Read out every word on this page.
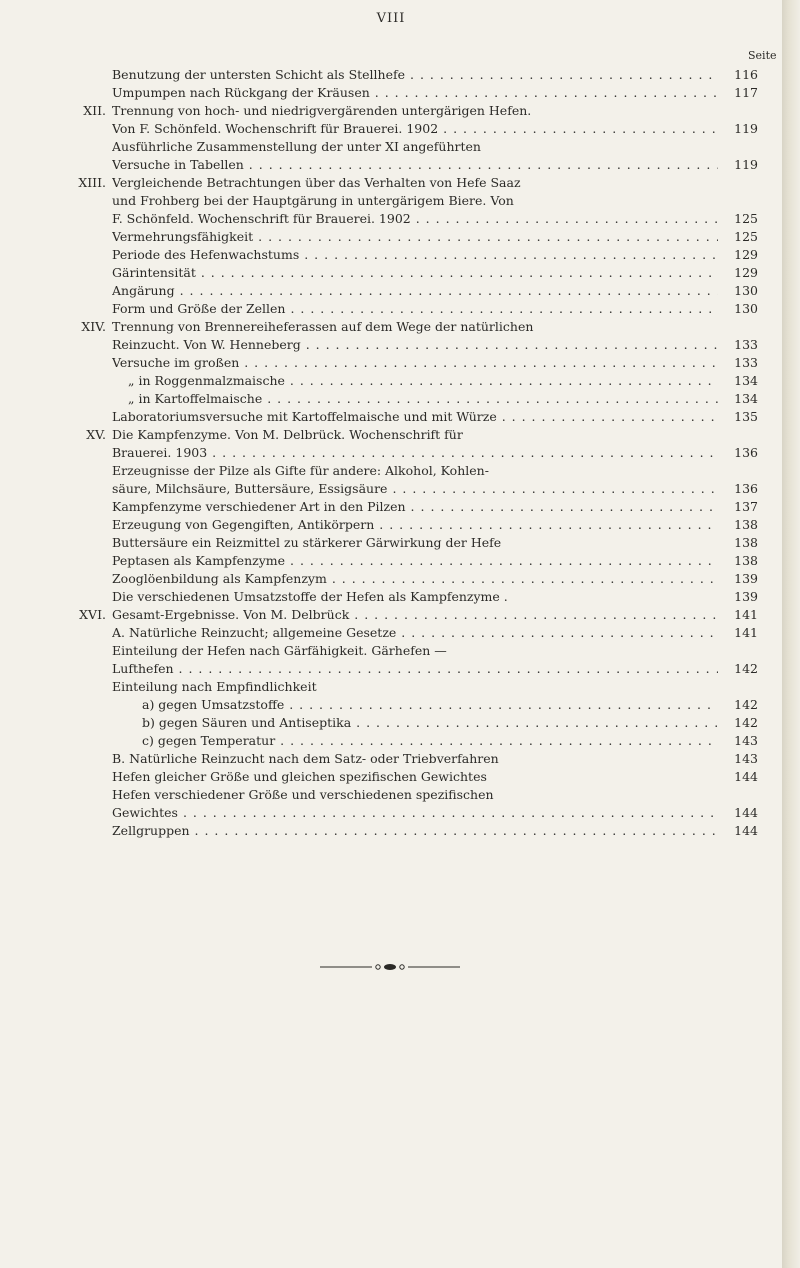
VIII
Seite
Benutzung der untersten Schicht als Stellhefe . . .	116
Umpumpen nach Rückgang der Kräusen . . .	117
XII. Trennung von hoch- und niedrigvergärenden untergärigen Hefen.
Von F. Schönfeld. Wochenschrift für Brauerei. 1902 . . .	119
Ausführliche Zusammenstellung der unter XI angeführten
Versuche in Tabellen . . .	119
XIII. Vergleichende Betrachtungen über das Verhalten von Hefe Saaz
und Frohberg bei der Hauptgärung in untergärigem Biere. Von
F. Schönfeld. Wochenschrift für Brauerei. 1902 . . .	125
Vermehrungsfähigkeit . . .	125
Periode des Hefenwachstums . . .	129
Gärintensität . . .	129
Angärung . . .	130
Form und Größe der Zellen . . .	130
XIV. Trennung von Brennereiheferassen auf dem Wege der natürlichen
Reinzucht. Von W. Henneberg . . .	133
Versuche im großen . . .	133
„ in Roggenmalzmaische . . .	134
„ in Kartoffelmaische . . .	134
Laboratoriumsversuche mit Kartoffelmaische und mit Würze . . .	135
XV. Die Kampfenzyme. Von M. Delbrück. Wochenschrift für
Brauerei. 1903 . . .	136
Erzeugnisse der Pilze als Gifte für andere: Alkohol, Kohlen-
säure, Milchsäure, Buttersäure, Essigsäure . . .	136
Kampfenzyme verschiedener Art in den Pilzen . . .	137
Erzeugung von Gegengiften, Antikörpern . . .	138
Buttersäure ein Reizmittel zu stärkerer Gärwirkung der Hefe	138
Peptasen als Kampfenzyme . . .	138
Zooglöenbildung als Kampfenzym . . .	139
Die verschiedenen Umsatzstoffe der Hefen als Kampfenzyme .	139
XVI. Gesamt-Ergebnisse. Von M. Delbrück . . .	141
A. Natürliche Reinzucht; allgemeine Gesetze . . .	141
Einteilung der Hefen nach Gärfähigkeit. Gärhefen —
Lufthefen . . .	142
Einteilung nach Empfindlichkeit
a) gegen Umsatzstoffe . . .	142
b) gegen Säuren und Antiseptika . . .	142
c) gegen Temperatur . . .	143
B. Natürliche Reinzucht nach dem Satz- oder Triebverfahren	143
Hefen gleicher Größe und gleichen spezifischen Gewichtes	144
Hefen verschiedener Größe und verschiedenen spezifischen
Gewichtes . . .	144
Zellgruppen . . .	144
